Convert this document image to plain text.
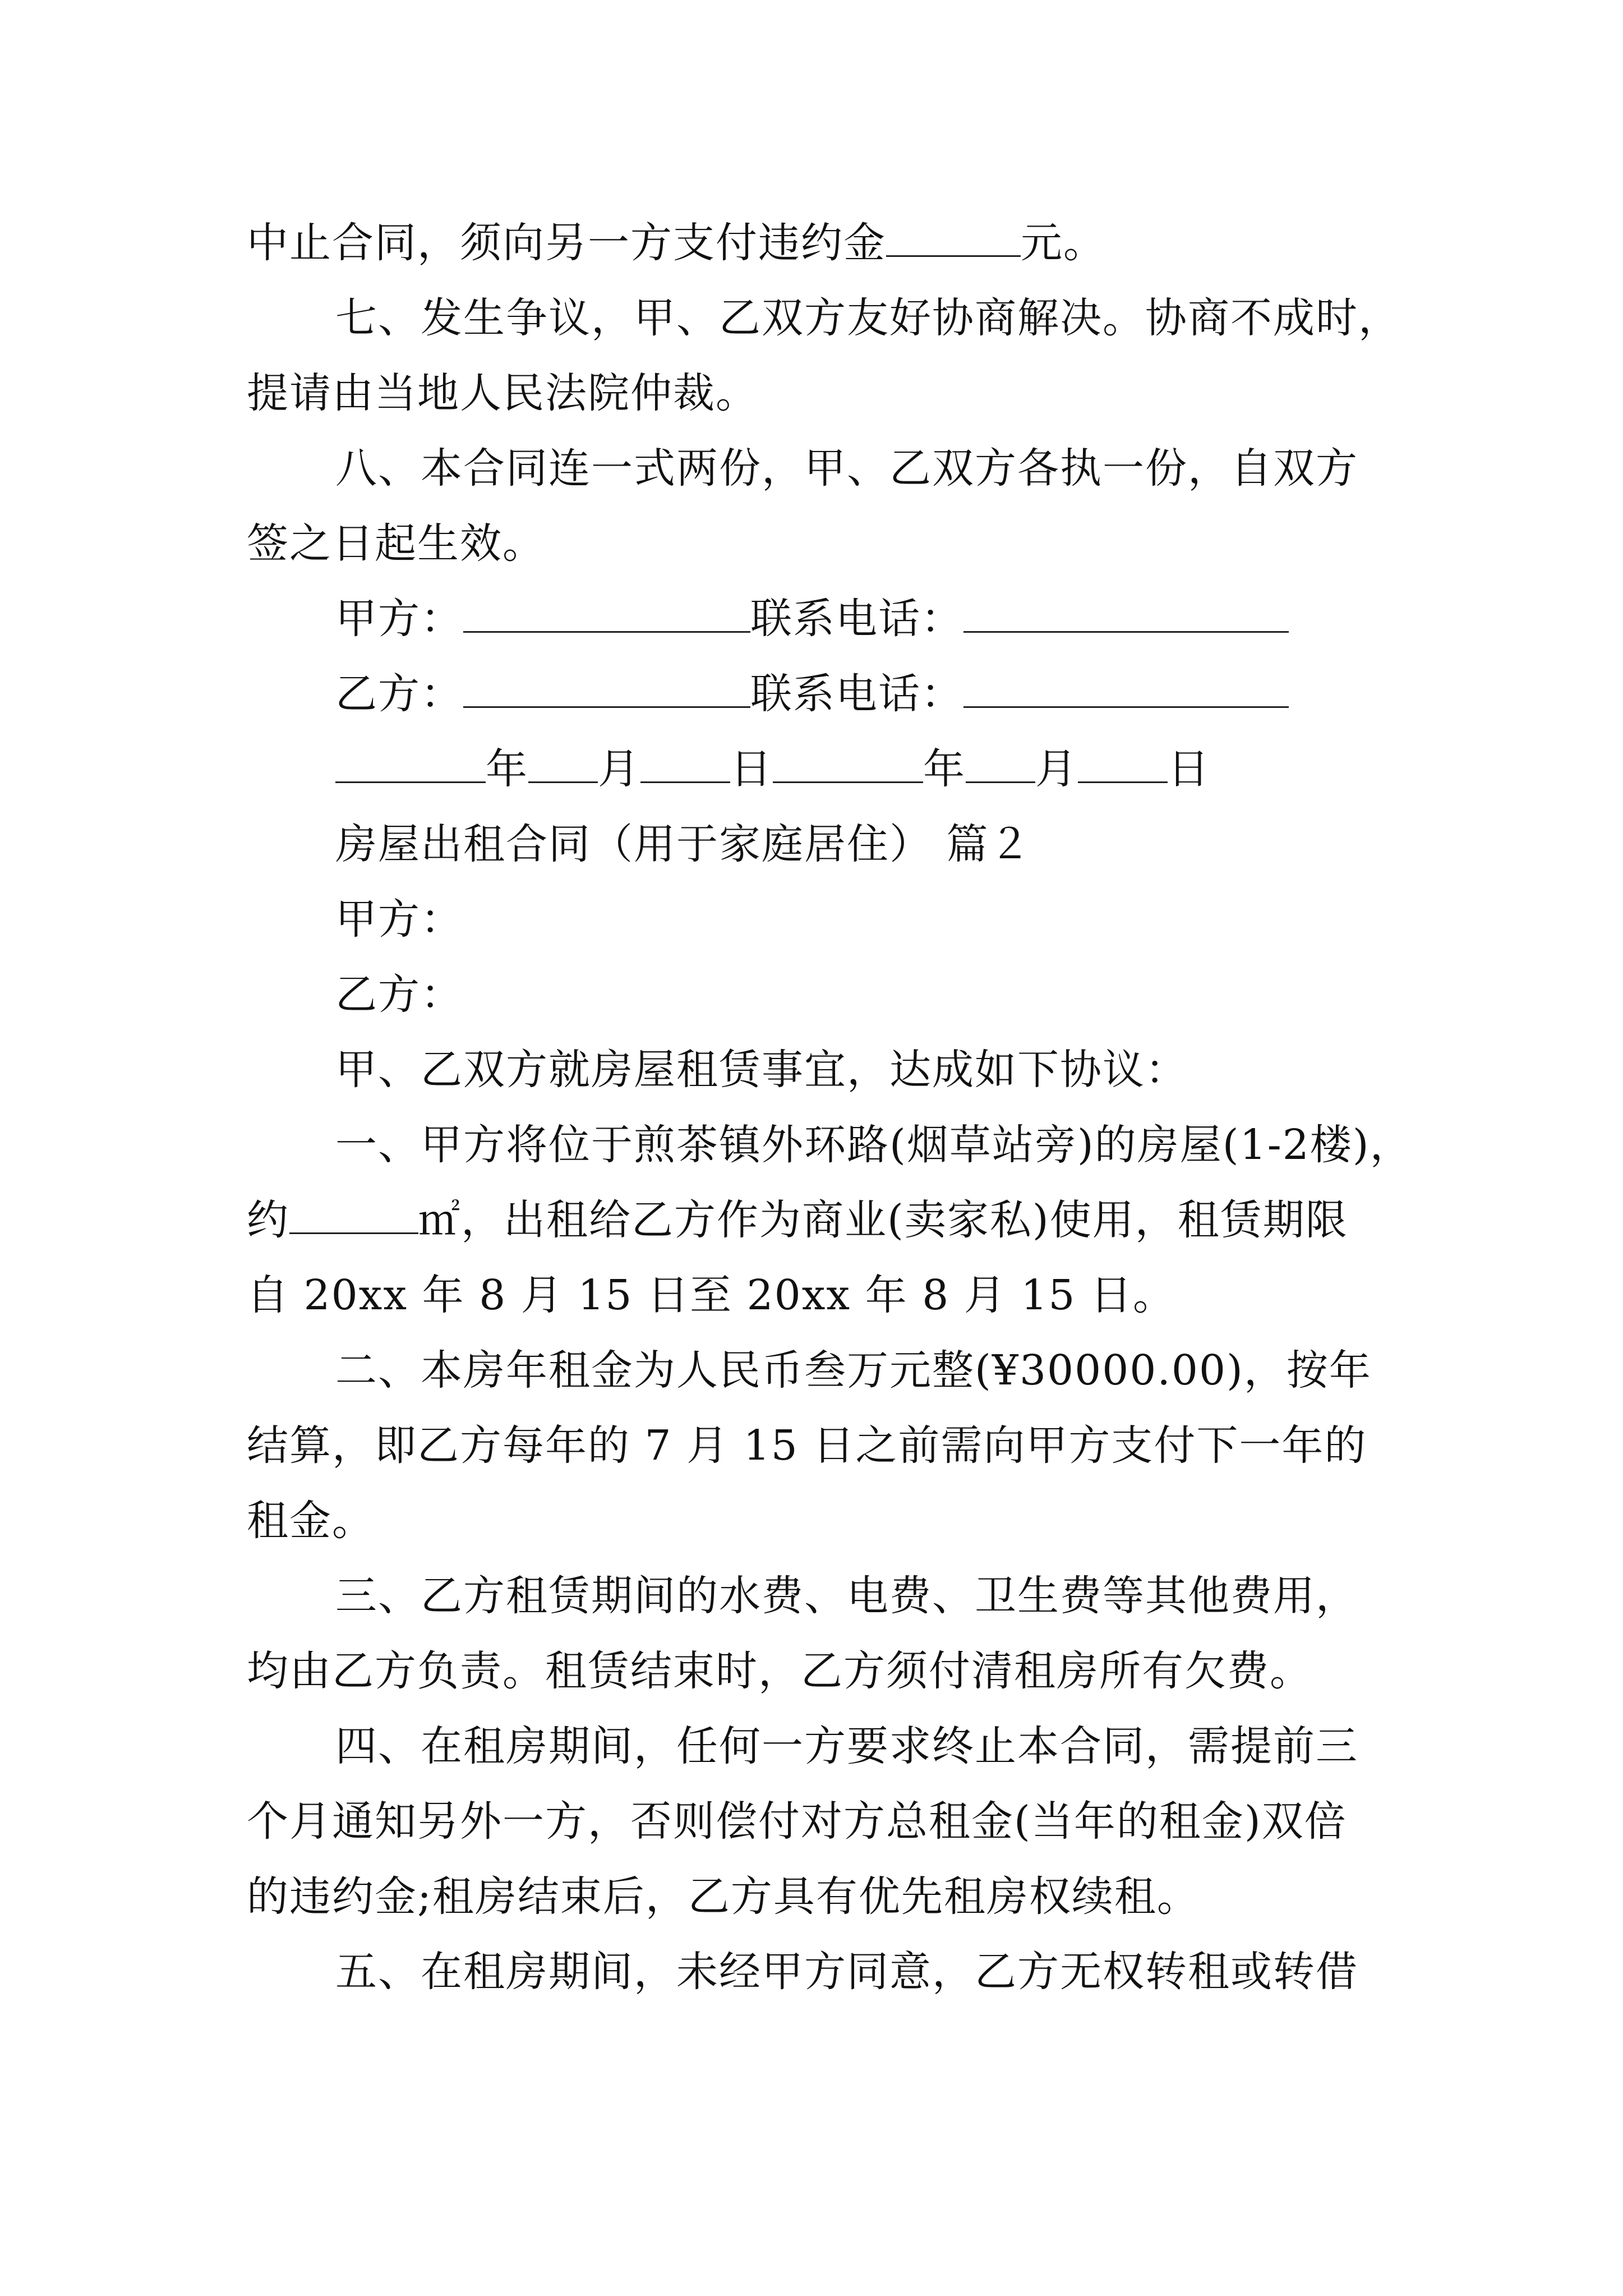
中止合同，须向另一方支付违约金	元。
七、发生争议，甲、乙双方友好协商解决。协商不成时，
提请由当地人民法院仲裁。
八、本合同连一式两份，甲、乙双方各执一份，自双方
签之日起生效。
甲方：	联系电话：
乙方：	联系电话：
年 月 日	年 月 日
房屋出租合同（用于家庭居住） 篇２
甲方：
乙方：
甲、乙双方就房屋租赁事宜，达成如下协议：
一、甲方将位于煎茶镇外环路(烟草站旁)的房屋(1-2楼)，
约	㎡，出租给乙方作为商业(卖家私)使用，租赁期限
自 20xx 年 8 月 15 日至 20xx 年 8 月 15 日。
二、本房年租金为人民币叁万元整(¥30000.00)，按年
结算，即乙方每年的 7 月 15 日之前需向甲方支付下一年的
租金。
三、乙方租赁期间的水费、电费、卫生费等其他费用，
均由乙方负责。租赁结束时，乙方须付清租房所有欠费。
四、在租房期间，任何一方要求终止本合同，需提前三
个月通知另外一方，否则偿付对方总租金(当年的租金)双倍
的违约金;租房结束后，乙方具有优先租房权续租。
五、在租房期间，未经甲方同意，乙方无权转租或转借
